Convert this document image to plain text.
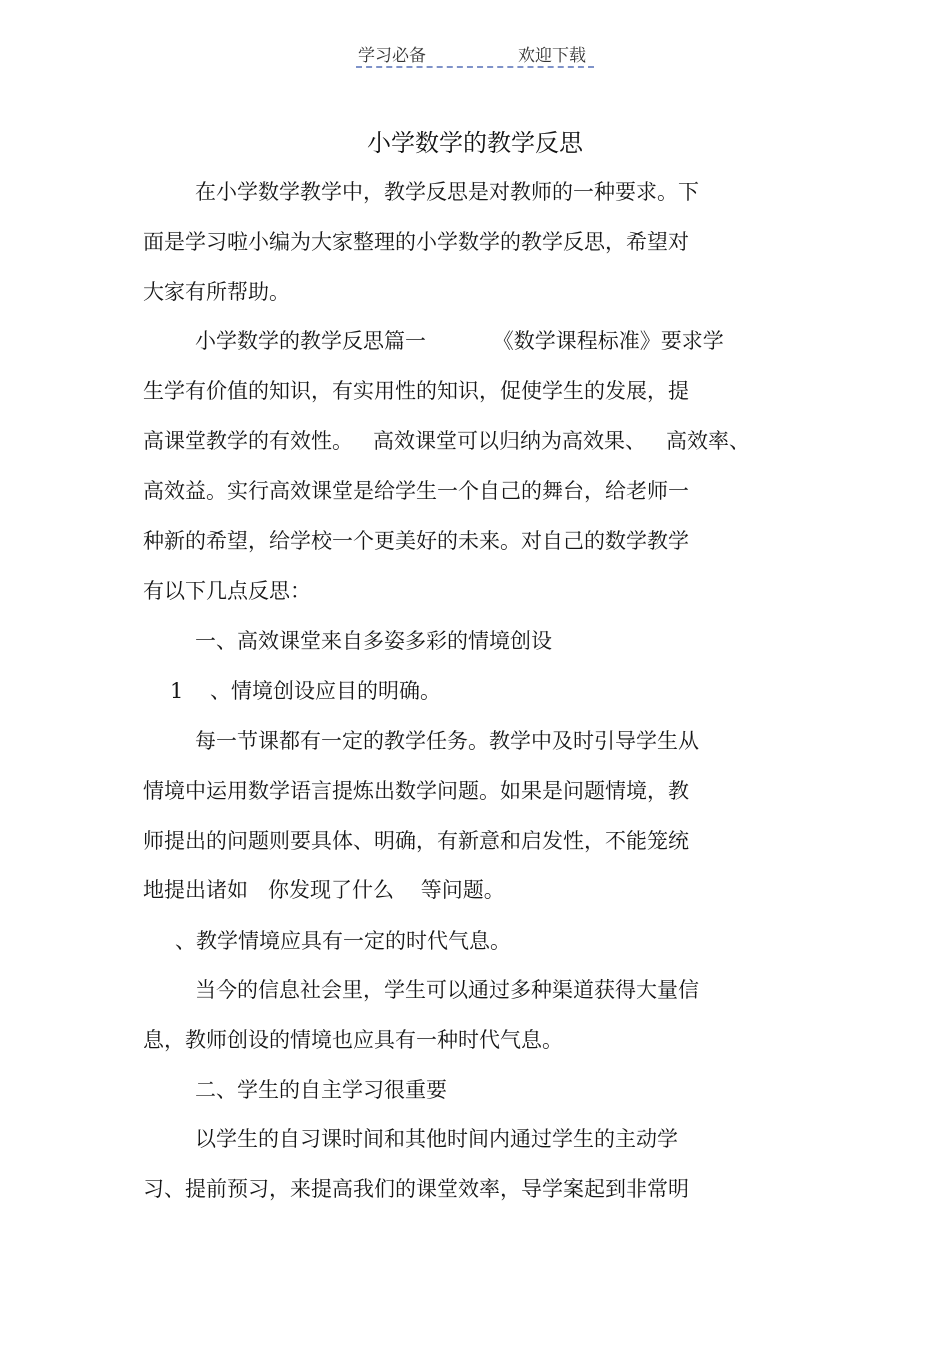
学习必备	欢迎下载
小学数学的教学反思
在小学数学教学中，教学反思是对教师的一种要求。下
面是学习啦小编为大家整理的小学数学的教学反思，希望对
大家有所帮助。
小学数学的教学反思篇一          《数学课程标准》要求学
生学有价值的知识，有实用性的知识，促使学生的发展，提
高课堂教学的有效性。   高效课堂可以归纳为高效果、   高效率、
高效益。实行高效课堂是给学生一个自己的舞台，给老师一
种新的希望，给学校一个更美好的未来。对自己的数学教学
有以下几点反思：
一、高效课堂来自多姿多彩的情境创设
1    、情境创设应目的明确。
每一节课都有一定的教学任务。教学中及时引导学生从
情境中运用数学语言提炼出数学问题。如果是问题情境，教
师提出的问题则要具体、明确，有新意和启发性，不能笼统
地提出诸如   你发现了什么    等问题。
、教学情境应具有一定的时代气息。
当今的信息社会里，学生可以通过多种渠道获得大量信
息，教师创设的情境也应具有一种时代气息。
二、学生的自主学习很重要
以学生的自习课时间和其他时间内通过学生的主动学
习、提前预习，来提高我们的课堂效率，导学案起到非常明
